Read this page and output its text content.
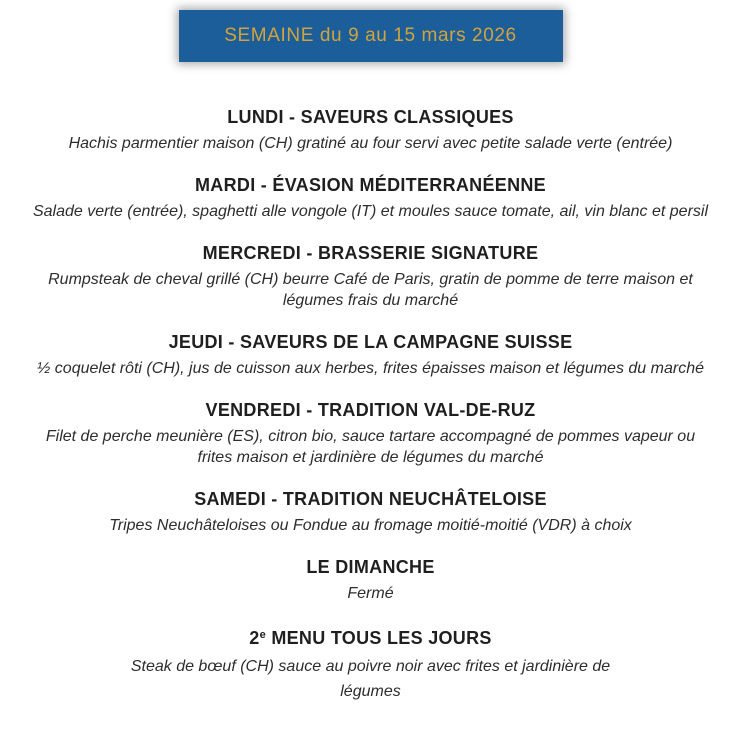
SEMAINE du 9 au 15 mars 2026
LUNDI - SAVEURS CLASSIQUES
Hachis parmentier maison (CH) gratiné au four servi avec petite salade verte (entrée)
MARDI - ÉVASION MÉDITERRANÉENNE
Salade verte (entrée), spaghetti alle vongole (IT) et moules sauce tomate, ail, vin blanc et persil
MERCREDI - BRASSERIE SIGNATURE
Rumpsteak de cheval grillé (CH) beurre Café de Paris, gratin de pomme de terre maison et légumes frais du marché
JEUDI - SAVEURS DE LA CAMPAGNE SUISSE
½ coquelet rôti (CH), jus de cuisson aux herbes, frites épaisses maison et légumes du marché
VENDREDI - TRADITION VAL-DE-RUZ
Filet de perche meunière (ES), citron bio, sauce tartare accompagné de pommes vapeur ou frites maison et jardinière de légumes du marché
SAMEDI - TRADITION NEUCHÂTELOISE
Tripes Neuchâteloises ou Fondue au fromage moitié-moitié (VDR) à choix
LE DIMANCHE
Fermé
2e MENU TOUS LES JOURS
Steak de bœuf (CH) sauce au poivre noir avec frites et jardinière de légumes
